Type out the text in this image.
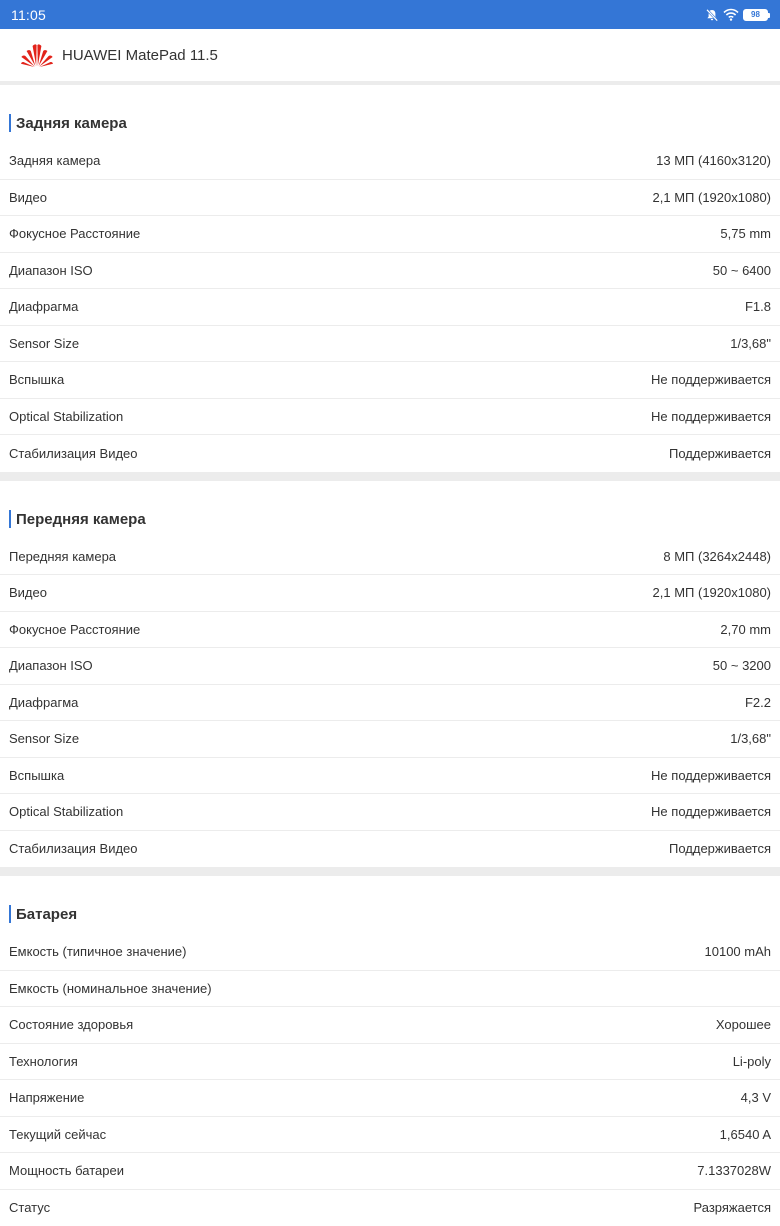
11:05	98
HUAWEI MatePad 11.5
Задняя камера
Задняя камера	13 МП (4160x3120)
Видео	2,1 МП (1920x1080)
Фокусное Расстояние	5,75 mm
Диапазон ISO	50 ~ 6400
Диафрагма	F1.8
Sensor Size	1/3,68"
Вспышка	Не поддерживается
Optical Stabilization	Не поддерживается
Стабилизация Видео	Поддерживается
Передняя камера
Передняя камера	8 МП (3264x2448)
Видео	2,1 МП (1920x1080)
Фокусное Расстояние	2,70 mm
Диапазон ISO	50 ~ 3200
Диафрагма	F2.2
Sensor Size	1/3,68"
Вспышка	Не поддерживается
Optical Stabilization	Не поддерживается
Стабилизация Видео	Поддерживается
Батарея
Емкость (типичное значение)	10100 mAh
Емкость (номинальное значение)
Состояние здоровья	Хорошее
Технология	Li-poly
Напряжение	4,3 V
Текущий сейчас	1,6540 A
Мощность батареи	7.1337028W
Статус	Разряжается
